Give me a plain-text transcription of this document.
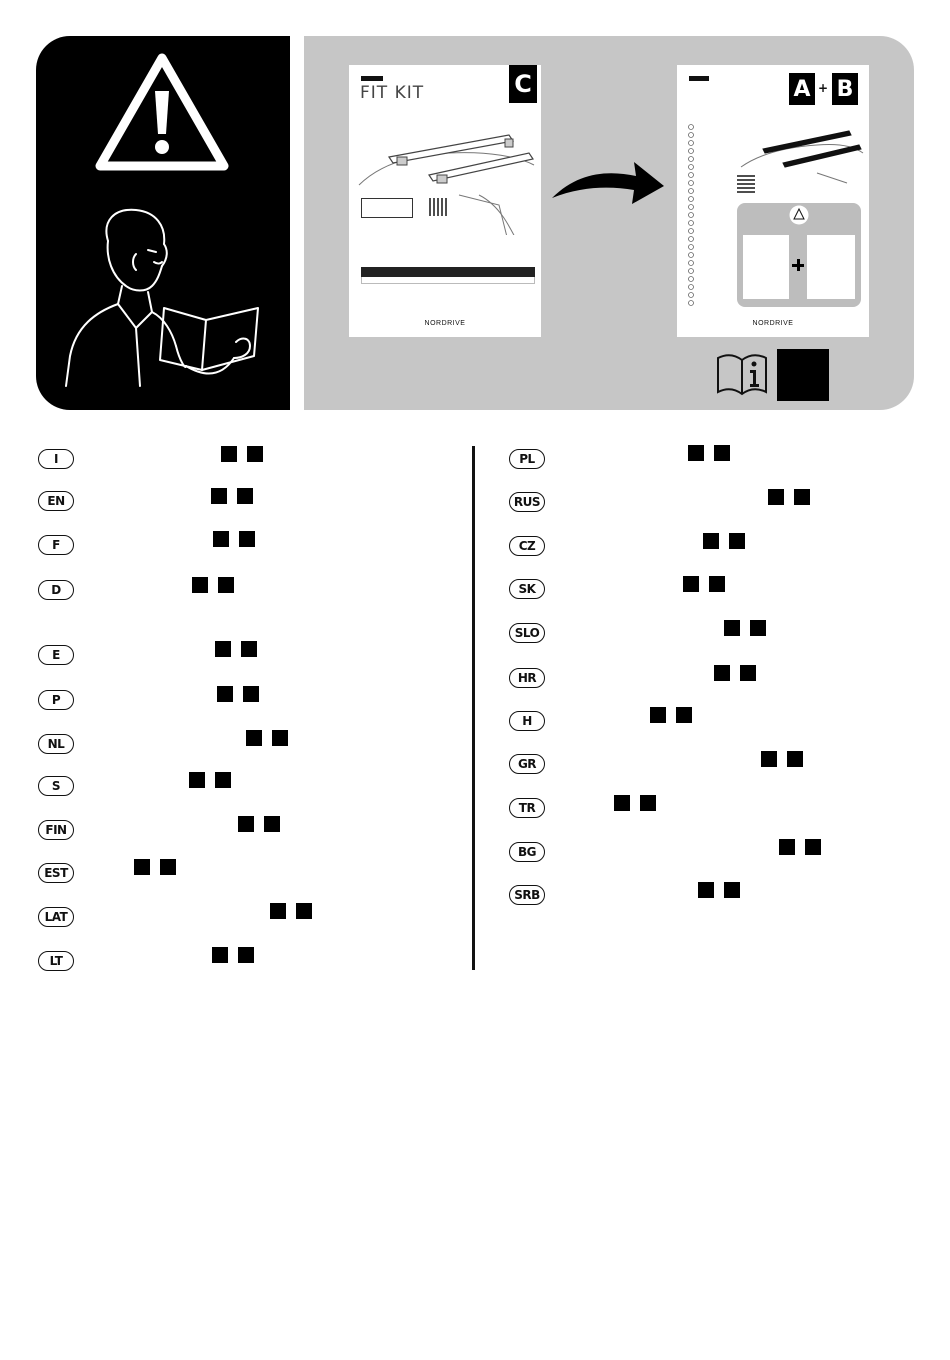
FIT KIT	C
NORDRIVE
A + B
NORDRIVE
I
EN
F
D
E
P
NL
S
FIN
EST
LAT
LT
PL
RUS
CZ
SK
SLO
HR
H
GR
TR
BG
SRB
